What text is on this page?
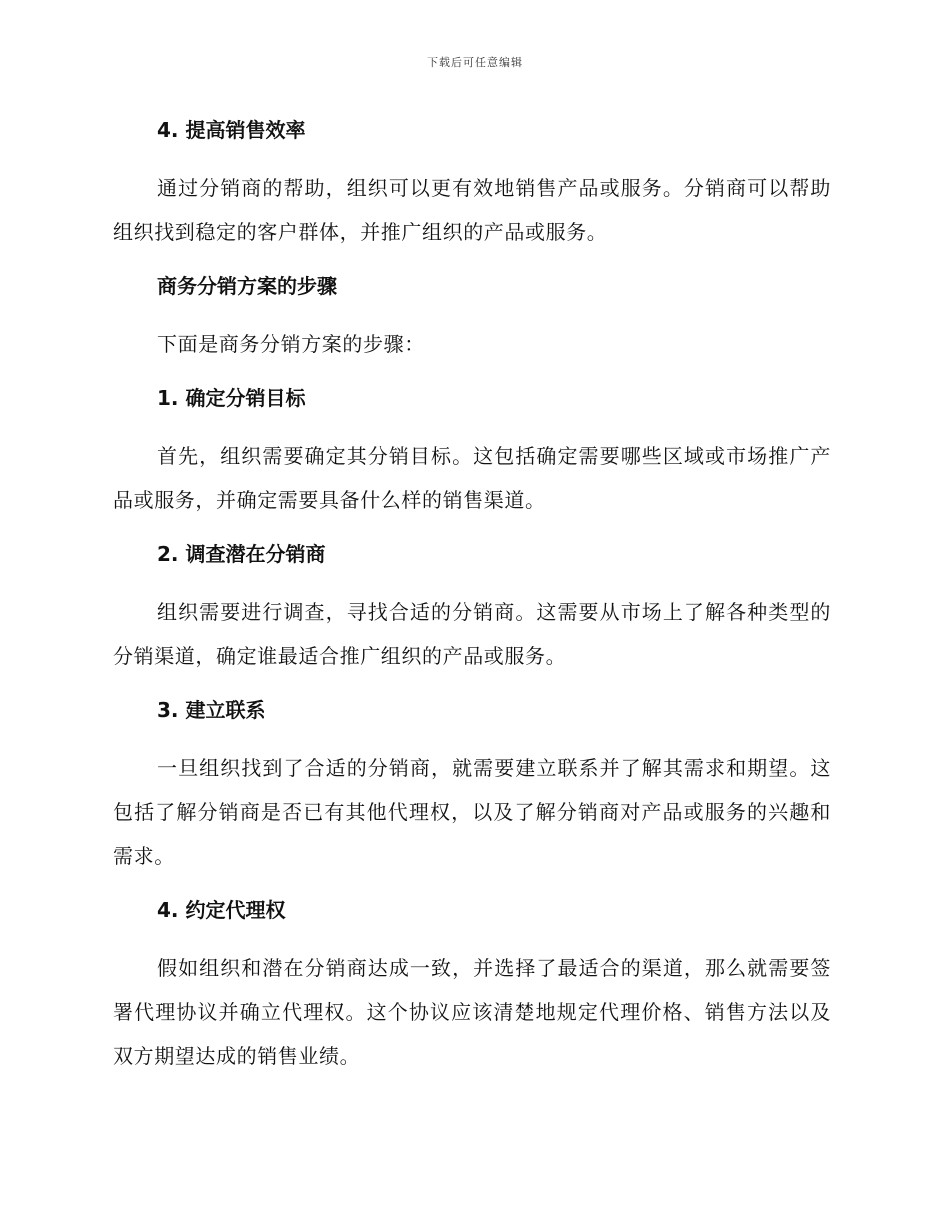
下载后可任意编辑
4. 提高销售效率

通过分销商的帮助，组织可以更有效地销售产品或服务。分销商可以帮助组织找到稳定的客户群体，并推广组织的产品或服务。

商务分销方案的步骤

下面是商务分销方案的步骤：

1. 确定分销目标

首先，组织需要确定其分销目标。这包括确定需要哪些区域或市场推广产品或服务，并确定需要具备什么样的销售渠道。

2. 调查潜在分销商

组织需要进行调查，寻找合适的分销商。这需要从市场上了解各种类型的分销渠道，确定谁最适合推广组织的产品或服务。

3. 建立联系

一旦组织找到了合适的分销商，就需要建立联系并了解其需求和期望。这包括了解分销商是否已有其他代理权，以及了解分销商对产品或服务的兴趣和需求。

4. 约定代理权

假如组织和潜在分销商达成一致，并选择了最适合的渠道，那么就需要签署代理协议并确立代理权。这个协议应该清楚地规定代理价格、销售方法以及双方期望达成的销售业绩。
